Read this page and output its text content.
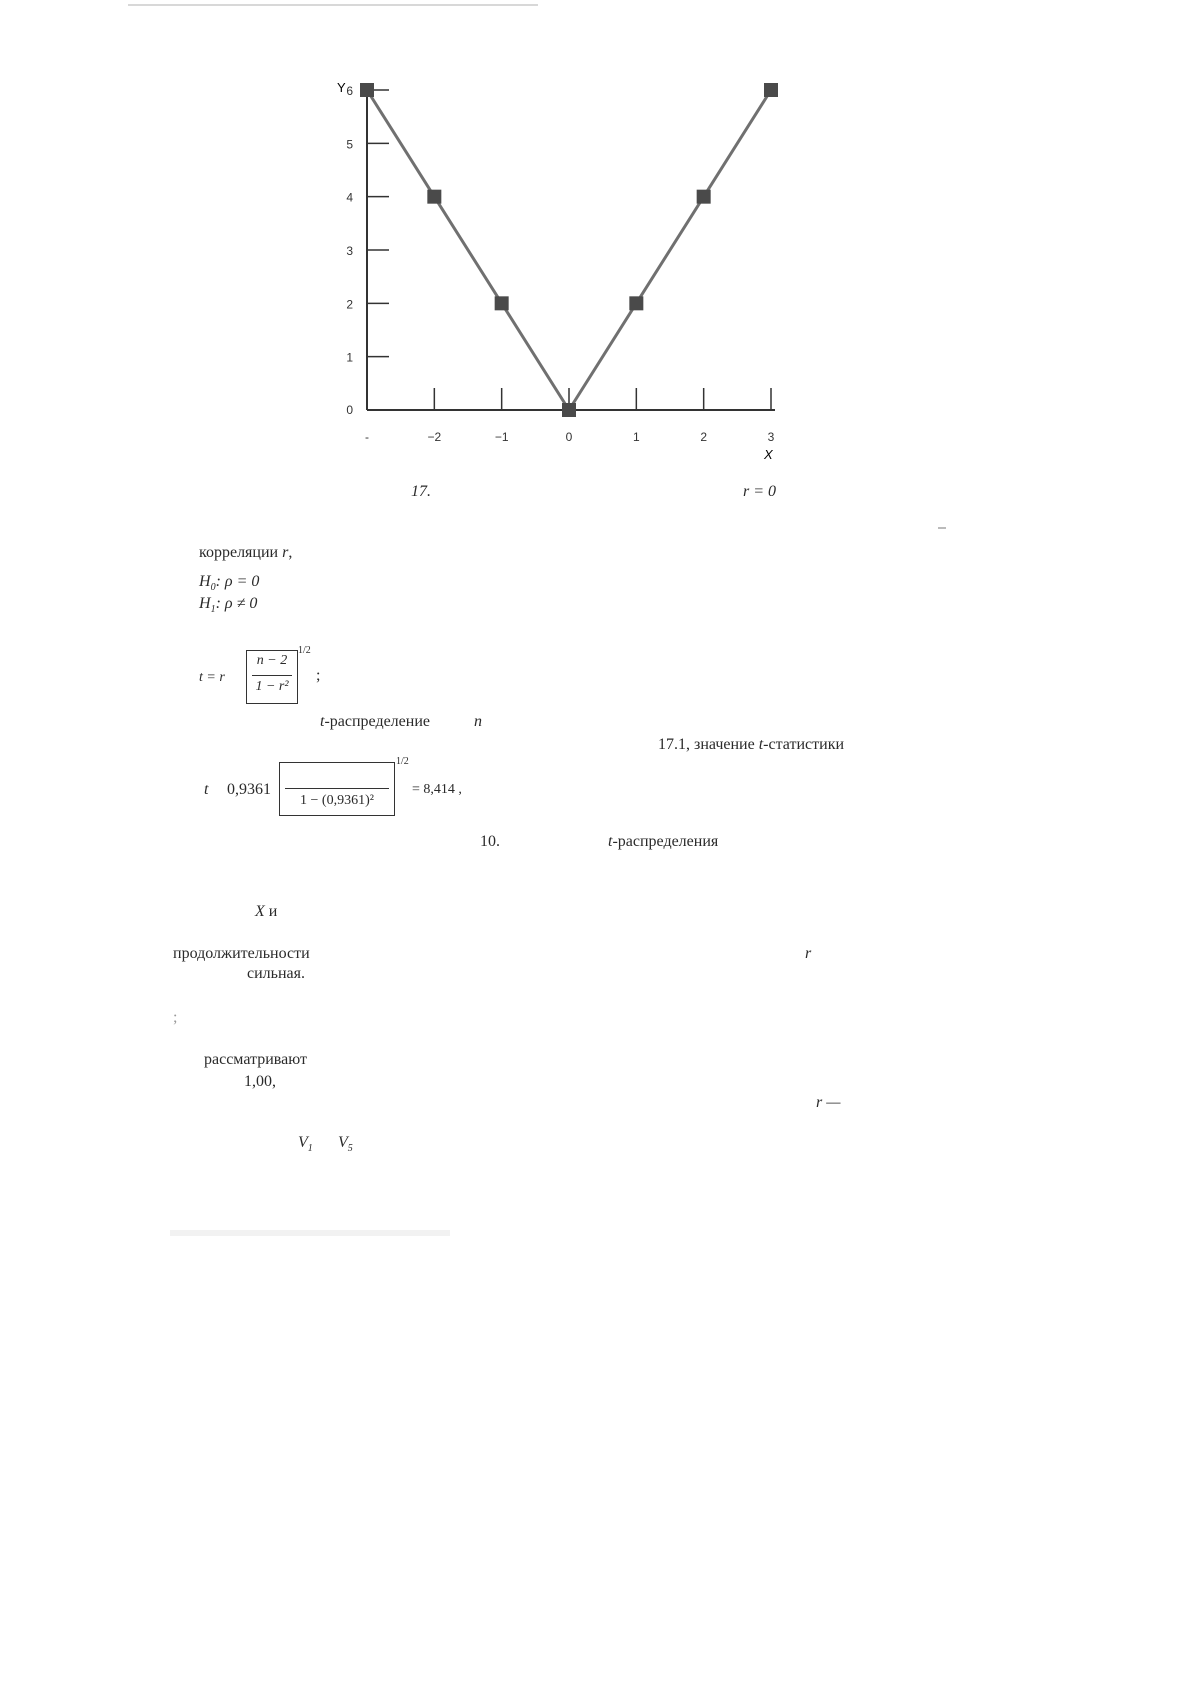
0
1
2
3
4
5
6
-	−2	−1	0	1	2	3
Y
X
17.	r = 0
корреляции r,
$H_0$: ρ = 0
$H_1$: ρ ≠ 0
t = r
n − 2
1 − r²
1/2
;
t-распределение	n
17.1, значение t-статистики
t 0,9361
1 − (0,9361)²
1/2
= 8,414 ,
10.	t-распределения
X и
продолжительности	r
сильная.
;
рассматривают
1,00,
r —
$V_1$ $V_5$
